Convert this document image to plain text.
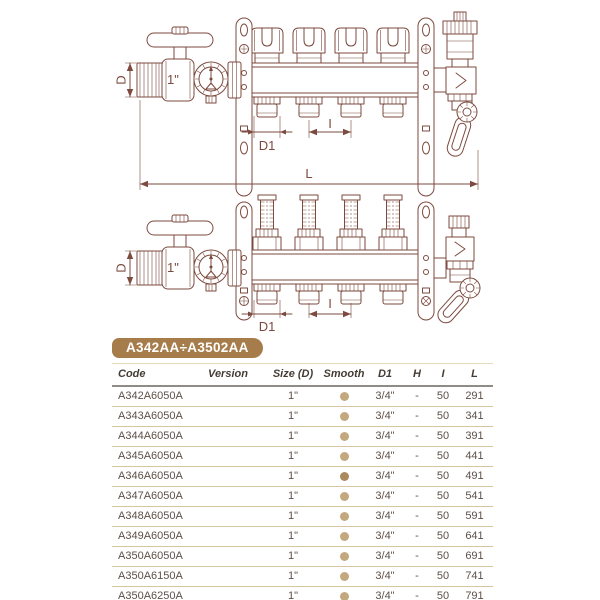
D
D
1"
1"
D1
I
L
D1
I
A342AA÷A3502AA
Code	Version	Size (D)	Smooth	D1	H	I	L
A342A6050A		1"		3/4"	-	50	291
A343A6050A		1"		3/4"	-	50	341
A344A6050A		1"		3/4"	-	50	391
A345A6050A		1"		3/4"	-	50	441
A346A6050A		1"		3/4"	-	50	491
A347A6050A		1"		3/4"	-	50	541
A348A6050A		1"		3/4"	-	50	591
A349A6050A		1"		3/4"	-	50	641
A350A6050A		1"		3/4"	-	50	691
A350A6150A		1"		3/4"	-	50	741
A350A6250A		1"		3/4"	-	50	791
